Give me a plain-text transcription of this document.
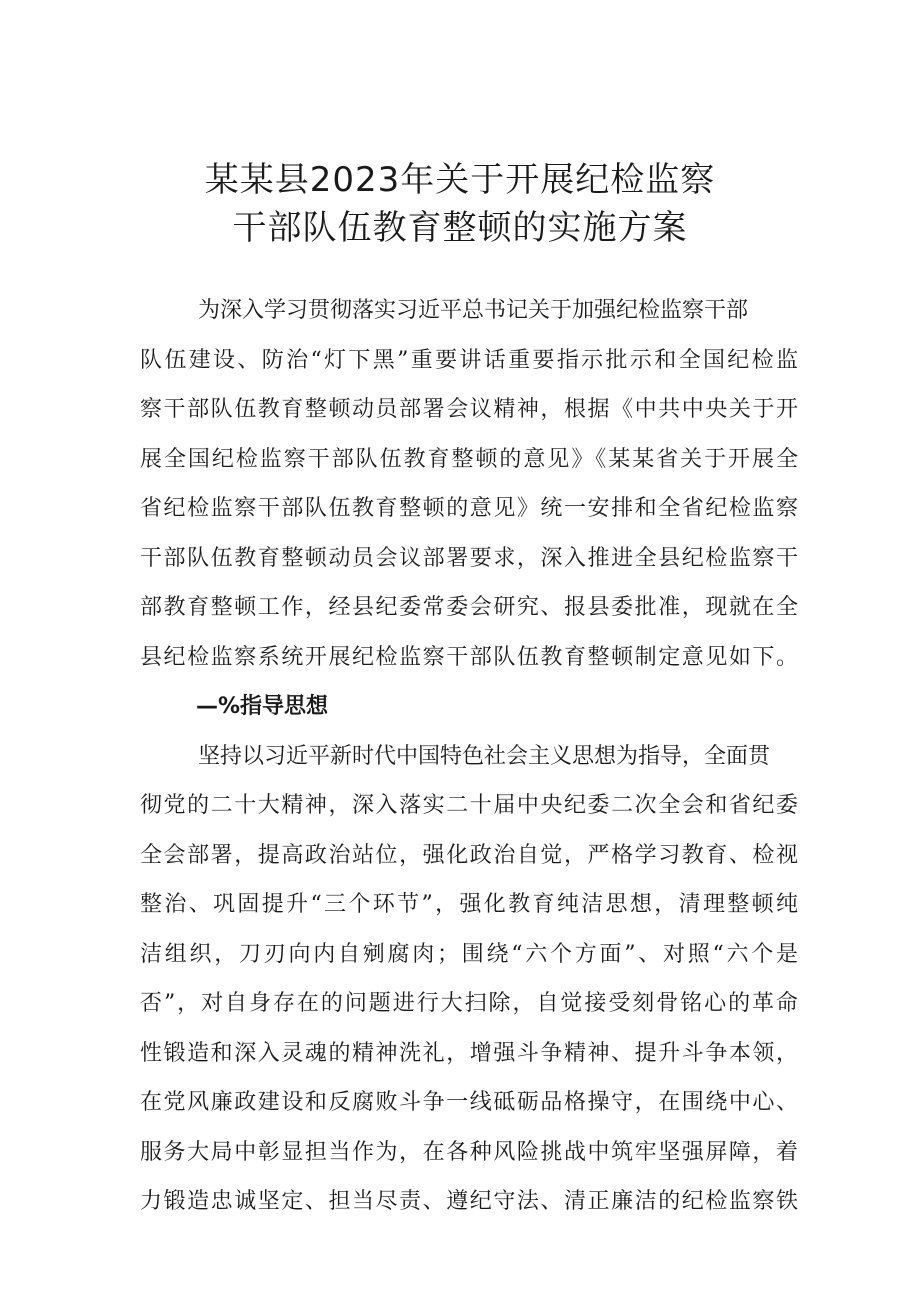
某某县2023年关于开展纪检监察
干部队伍教育整顿的实施方案
为深入学习贯彻落实习近平总书记关于加强纪检监察干部
队伍建设、防治“灯下黑”重要讲话重要指示批示和全国纪检监
察干部队伍教育整顿动员部署会议精神，根据《中共中央关于开
展全国纪检监察干部队伍教育整顿的意见》《某某省关于开展全
省纪检监察干部队伍教育整顿的意见》统一安排和全省纪检监察
干部队伍教育整顿动员会议部署要求，深入推进全县纪检监察干
部教育整顿工作，经县纪委常委会研究、报县委批准，现就在全
—%指导思想
坚持以习近平新时代中国特色社会主义思想为指导，全面贯
彻党的二十大精神，深入落实二十届中央纪委二次全会和省纪委
全会部署，提高政治站位，强化政治自觉，严格学习教育、检视
整治、巩固提升“三个环节”，强化教育纯洁思想，清理整顿纯
洁组织，刀刃向内自剜腐肉；围绕“六个方面”、对照“六个是
否”，对自身存在的问题进行大扫除，自觉接受刻骨铭心的革命
性锻造和深入灵魂的精神洗礼，增强斗争精神、提升斗争本领，
在党风廉政建设和反腐败斗争一线砥砺品格操守，在围绕中心、
服务大局中彰显担当作为，在各种风险挑战中筑牢坚强屏障，着
力锻造忠诚坚定、担当尽责、遵纪守法、清正廉洁的纪检监察铁
县纪检监察系统开展纪检监察干部队伍教育整顿制定意见如下。
